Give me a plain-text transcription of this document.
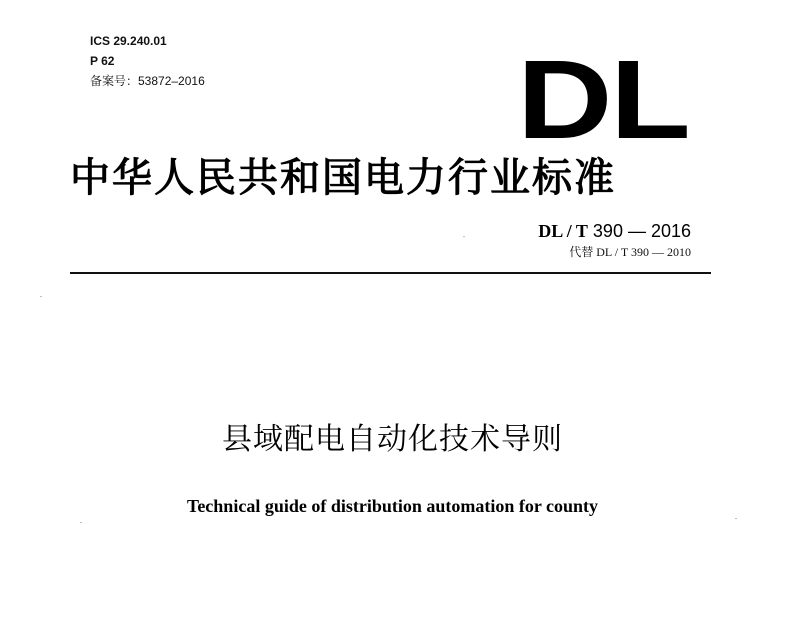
ICS 29.240.01
P 62
备案号：53872–2016	DL
中华人民共和国电力行业标准
DL / T 390 — 2016
代替 DL / T 390 — 2010
县域配电自动化技术导则
Technical guide of distribution automation for county
